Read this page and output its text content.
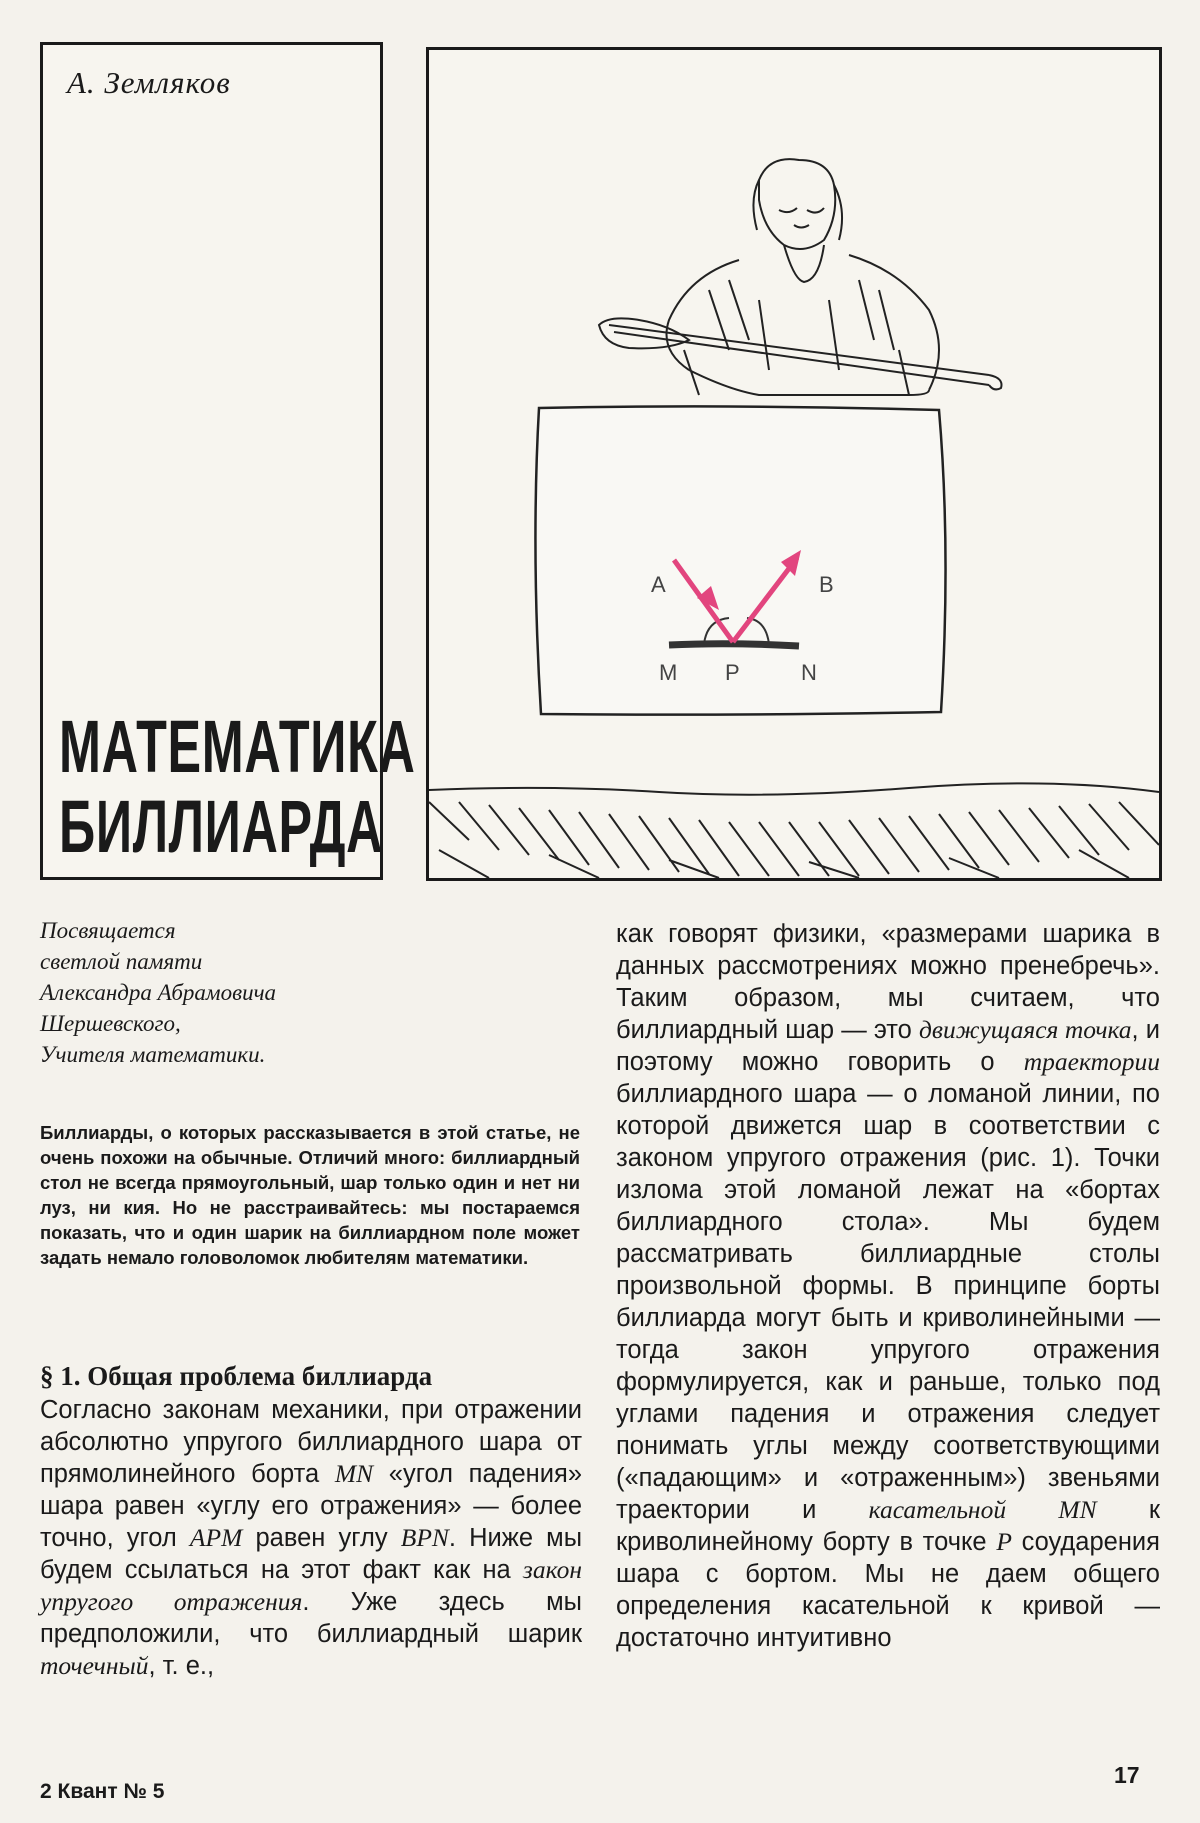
А. Земляков
МАТЕМАТИКА
БИЛЛИАРДА
A	B
M P	N
Посвящается
светлой памяти
Александра Абрамовича
Шершевского,
Учителя математики.
Биллиарды, о которых рассказывается в этой статье, не очень похожи на обычные. Отличий много: биллиардный стол не всегда прямоугольный, шар только один и нет ни луз, ни кия. Но не расстраивайтесь: мы постараемся показать, что и один шарик на биллиардном поле может задать немало головоломок любителям математики.
§ 1. Общая проблема биллиарда

Согласно законам механики, при отражении абсолютно упругого биллиардного шара от прямолинейного борта MN «угол падения» шара равен «углу его отражения» — более точно, угол APM равен углу BPN. Ниже мы будем ссылаться на этот факт как на закон упругого отражения. Уже здесь мы предположили, что биллиардный шарик точечный, т. е.,

как говорят физики, «размерами шарика в данных рассмотрениях можно пренебречь». Таким образом, мы считаем, что биллиардный шар — это движущаяся точка, и поэтому можно говорить о траектории биллиардного шара — о ломаной линии, по которой движется шар в соответствии с законом упругого отражения (рис. 1). Точки излома этой ломаной лежат на «бортах биллиардного стола». Мы будем рассматривать биллиардные столы произвольной формы. В принципе борты биллиарда могут быть и криволинейными — тогда закон упругого отражения формулируется, как и раньше, только под углами падения и отражения следует понимать углы между соответствующими («падающим» и «отраженным») звеньями траектории и касательной MN к криволинейному борту в точке P соударения шара с бортом. Мы не даем общего определения касательной к кривой — достаточно интуитивно

2 Квант № 5
17
